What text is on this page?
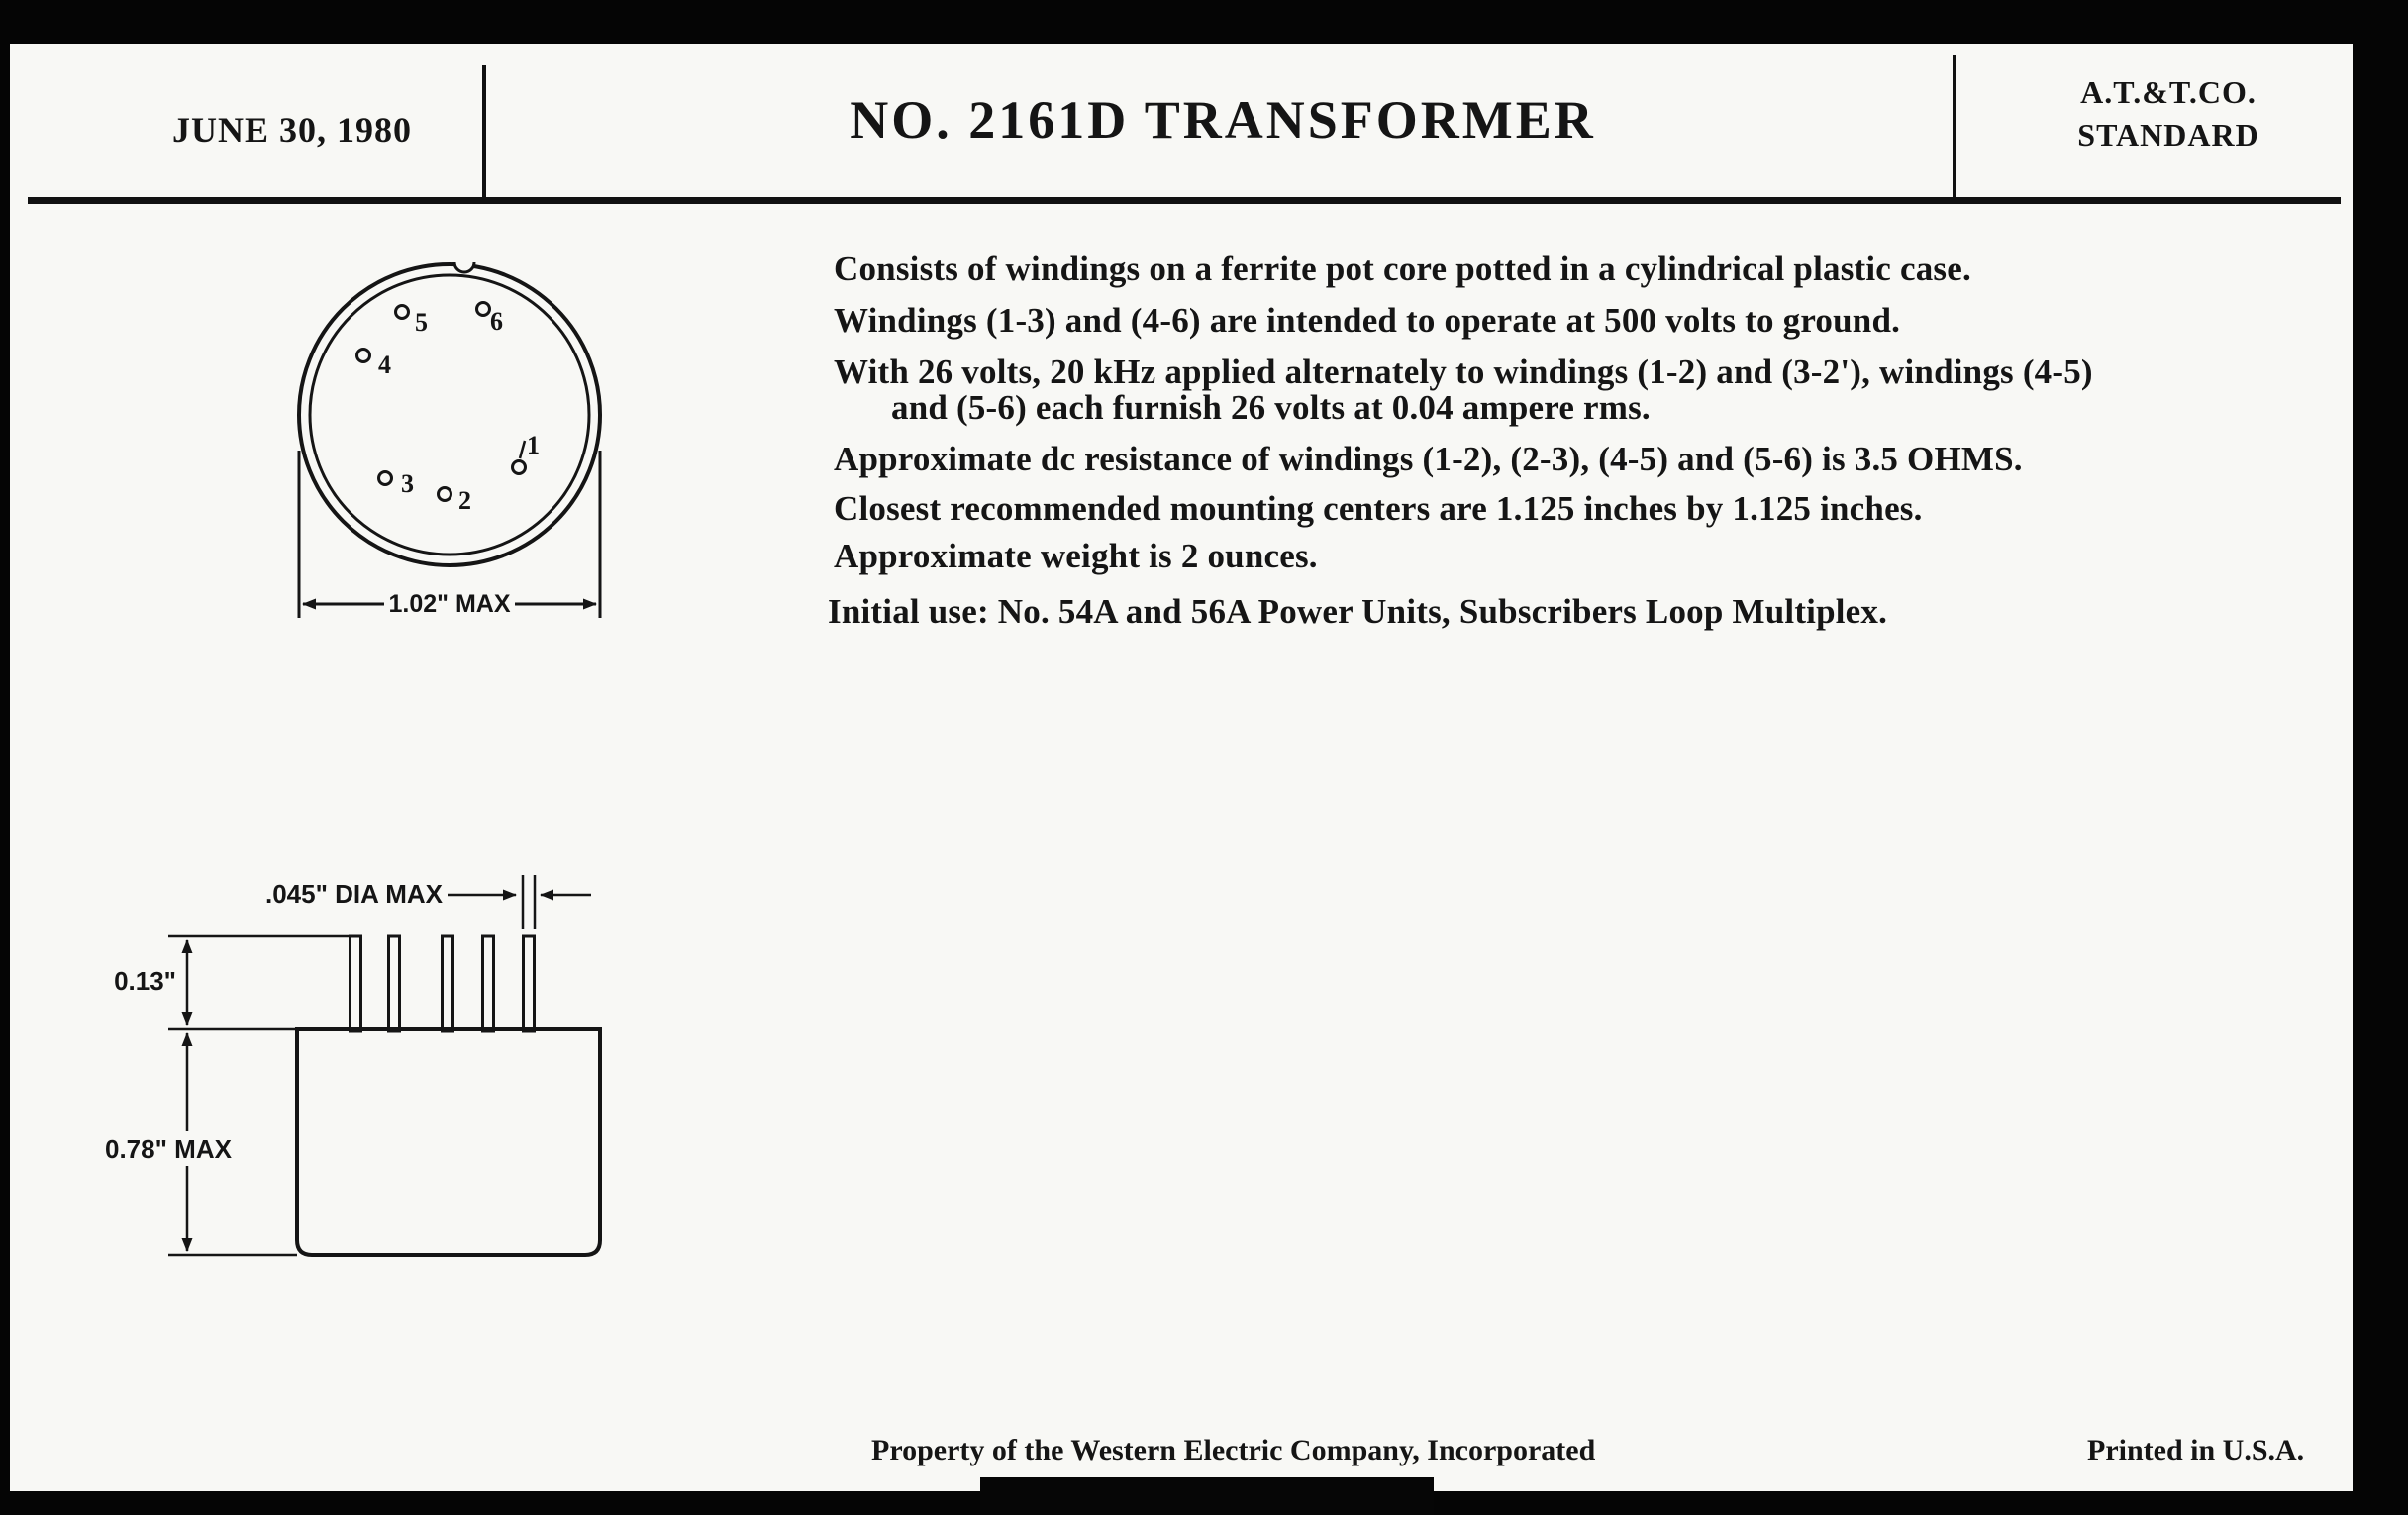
JUNE 30, 1980	NO. 2161D TRANSFORMER	A.T.&T.CO.
STANDARD
Consists of windings on a ferrite pot core potted in a cylindrical plastic case.
Windings (1-3) and (4-6) are intended to operate at 500 volts to ground.
With 26 volts, 20 kHz applied alternately to windings (1-2) and (3-2'), windings (4-5)
and (5-6) each furnish 26 volts at 0.04 ampere rms.
Approximate dc resistance of windings (1-2), (2-3), (4-5) and (5-6) is 3.5 OHMS.
Closest recommended mounting centers are 1.125 inches by 1.125 inches.
Approximate weight is 2 ounces.
Initial use: No. 54A and 56A Power Units, Subscribers Loop Multiplex.
5 6
4
3
2
1
1.02" MAX
.045" DIA MAX
0.13"
0.78" MAX
Property of the Western Electric Company, Incorporated	Printed in U.S.A.
